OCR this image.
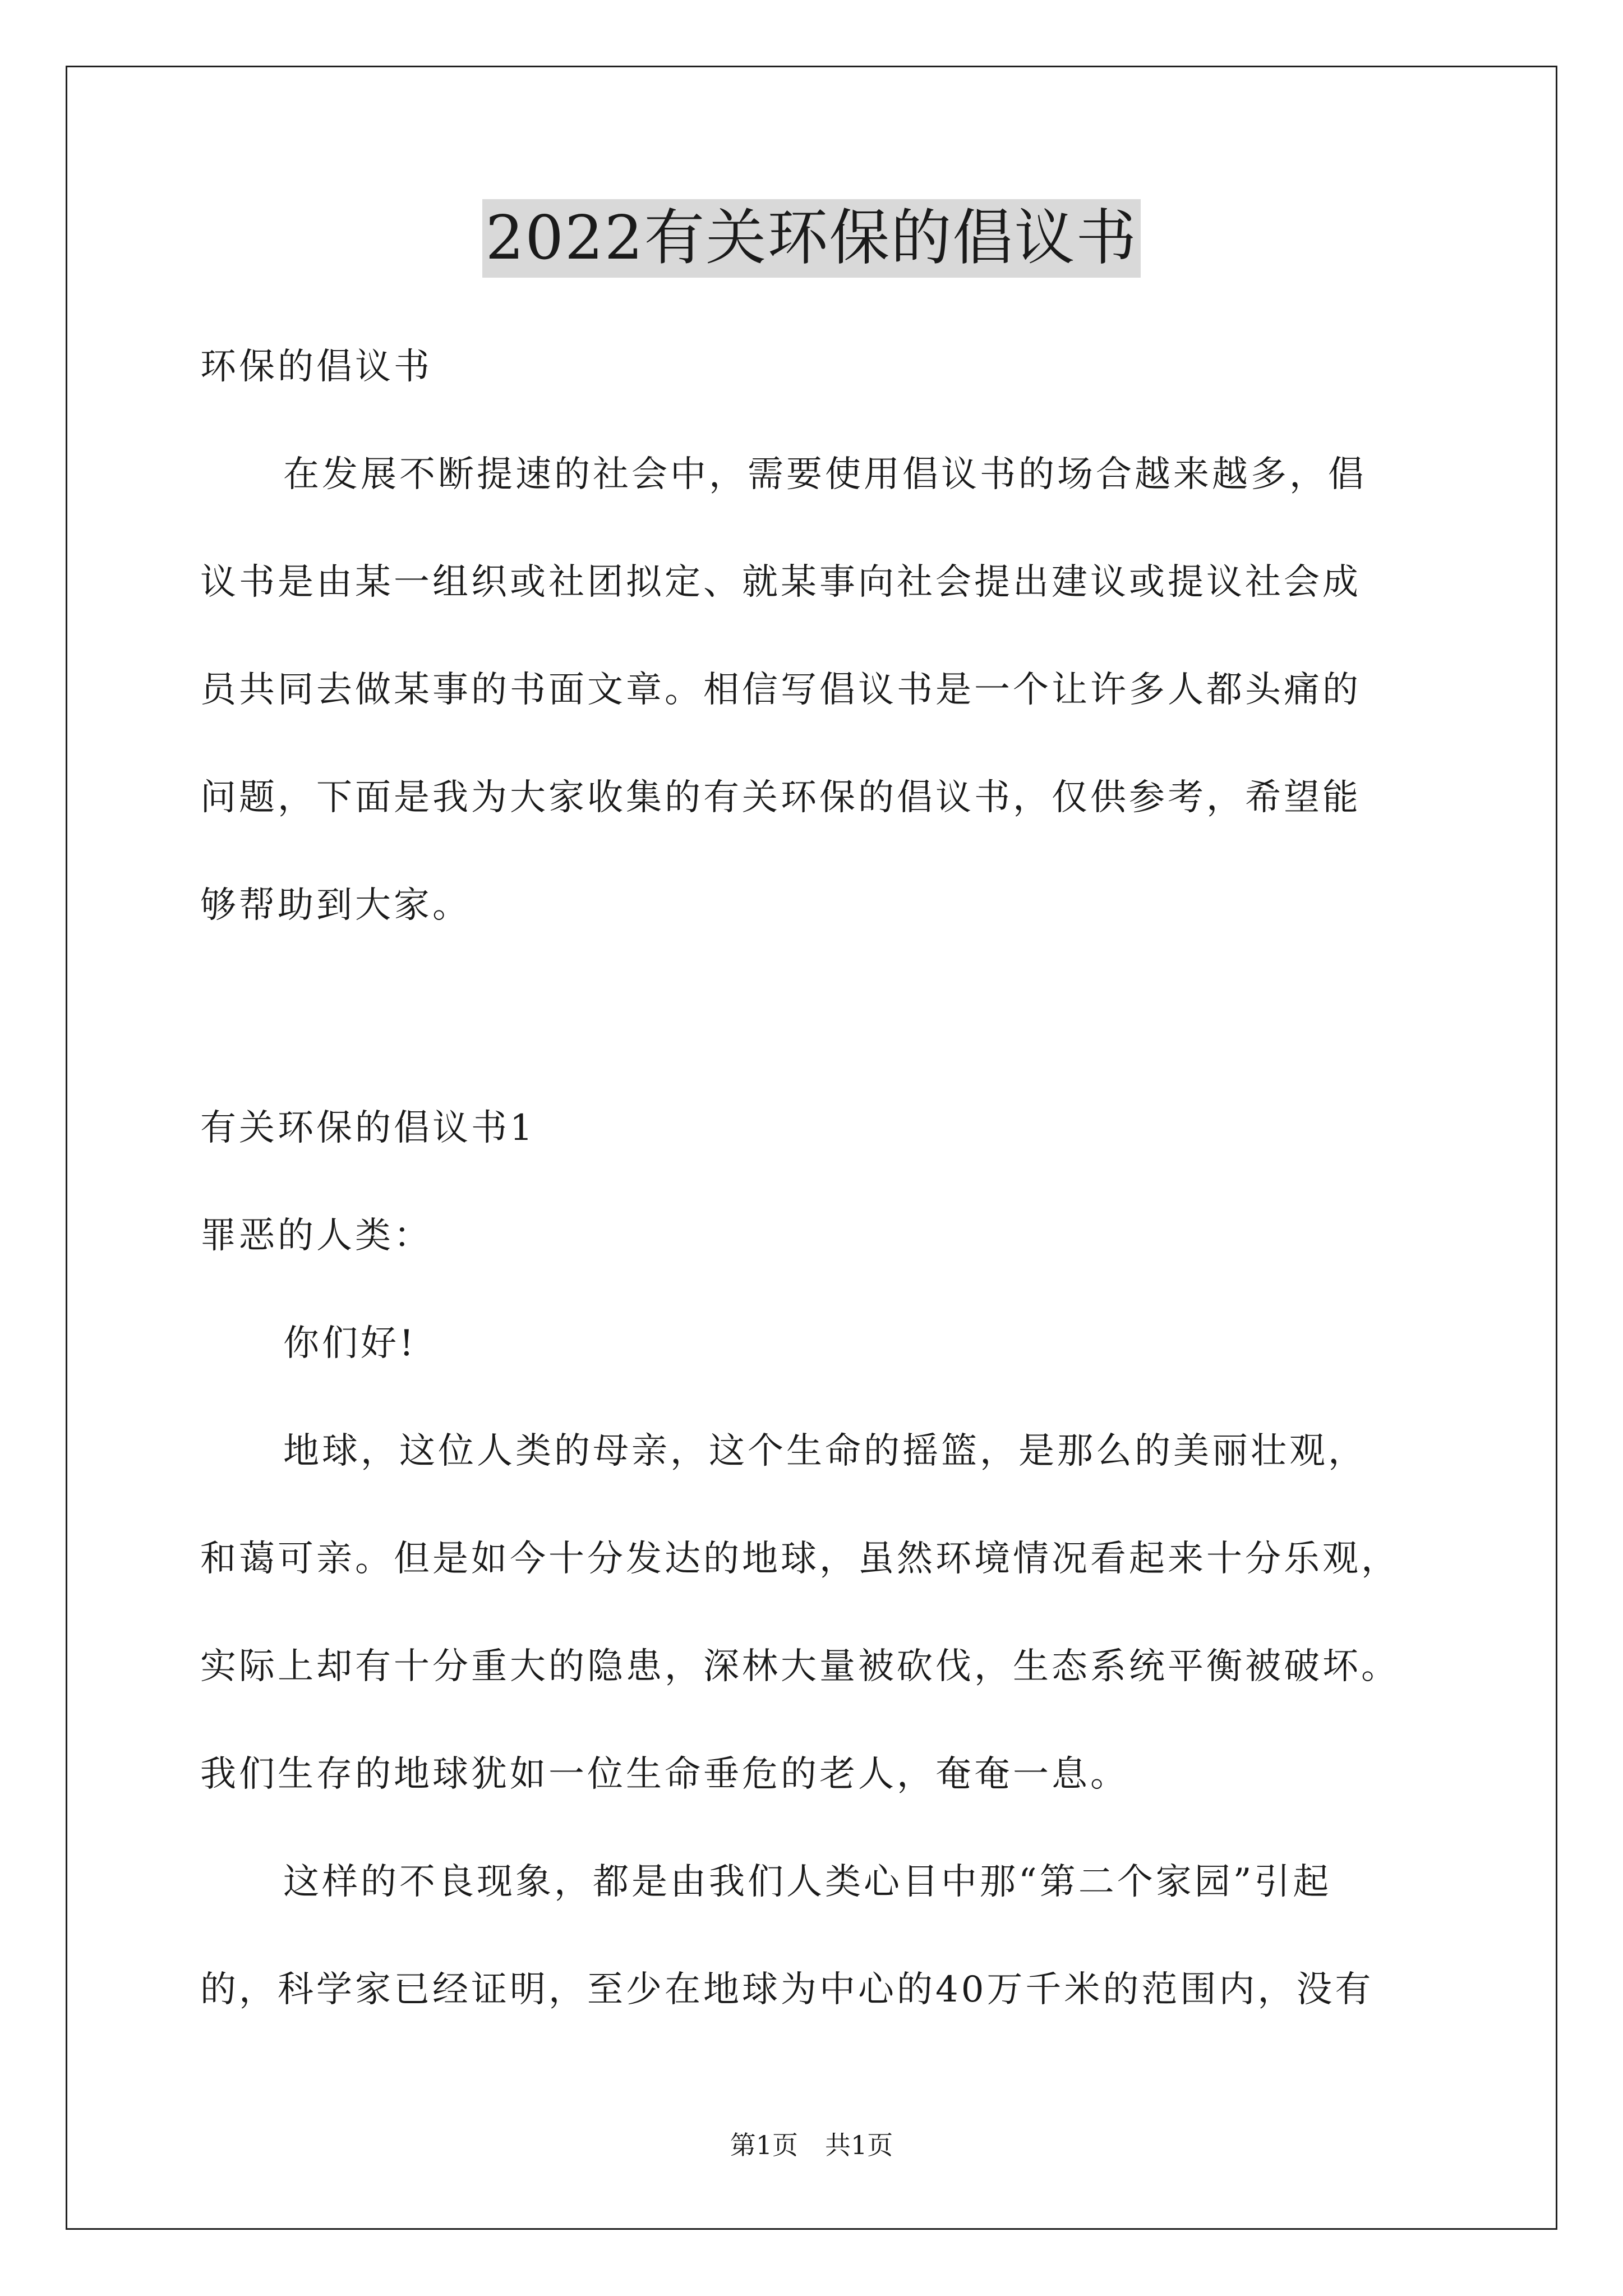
2022有关环保的倡议书
环保的倡议书
在发展不断提速的社会中，需要使用倡议书的场合越来越多，倡
议书是由某一组织或社团拟定、就某事向社会提出建议或提议社会成
员共同去做某事的书面文章。相信写倡议书是一个让许多人都头痛的
问题，下面是我为大家收集的有关环保的倡议书，仅供参考，希望能
够帮助到大家。
有关环保的倡议书1
罪恶的人类：
你们好!
地球，这位人类的母亲，这个生命的摇篮，是那么的美丽壮观，
和蔼可亲。但是如今十分发达的地球，虽然环境情况看起来十分乐观，
实际上却有十分重大的隐患，深林大量被砍伐，生态系统平衡被破坏。
我们生存的地球犹如一位生命垂危的老人，奄奄一息。
这样的不良现象，都是由我们人类心目中那“第二个家园”引起
的，科学家已经证明，至少在地球为中心的40万千米的范围内，没有
第1页 共1页
